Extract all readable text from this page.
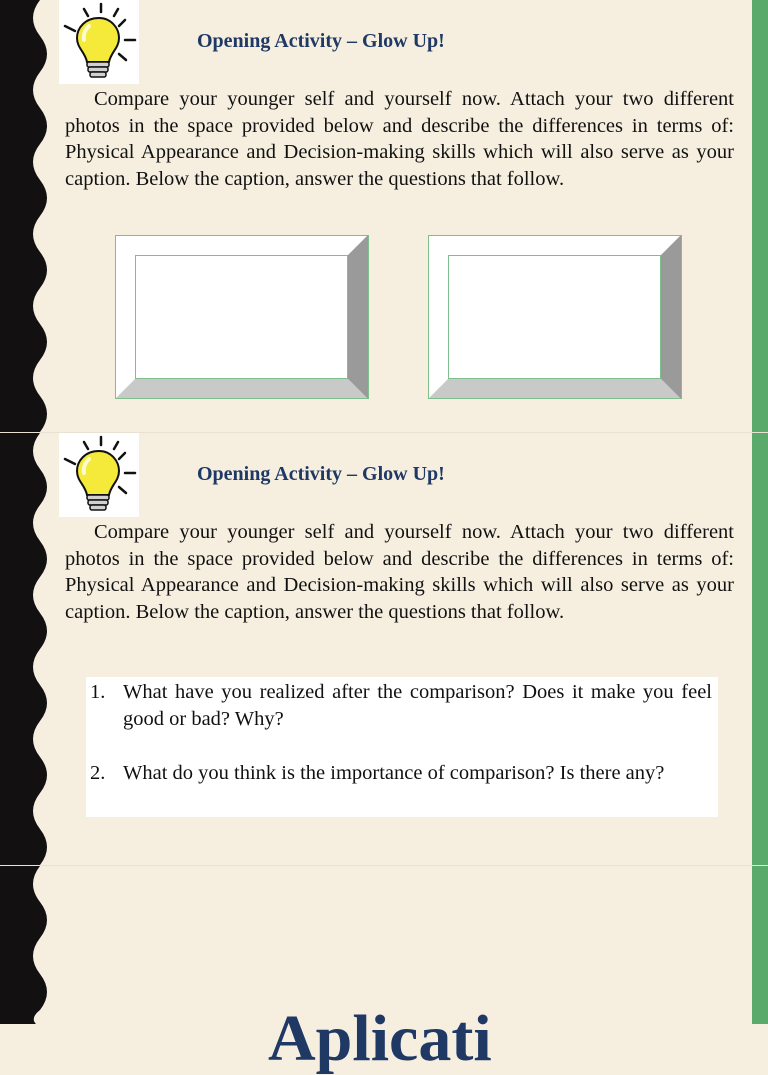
Opening Activity – Glow Up!

Compare your younger self and yourself now. Attach your two different photos in the space provided below and describe the differences in terms of: Physical Appearance and Decision-making skills which will also serve as your caption. Below the caption, answer the questions that follow.

Opening Activity – Glow Up!

Compare your younger self and yourself now. Attach your two different photos in the space provided below and describe the differences in terms of: Physical Appearance and Decision-making skills which will also serve as your caption. Below the caption, answer the questions that follow.

1. What have you realized after the comparison? Does it make you feel good or bad? Why?
2. What do you think is the importance of comparison? Is there any?
Aplicati
